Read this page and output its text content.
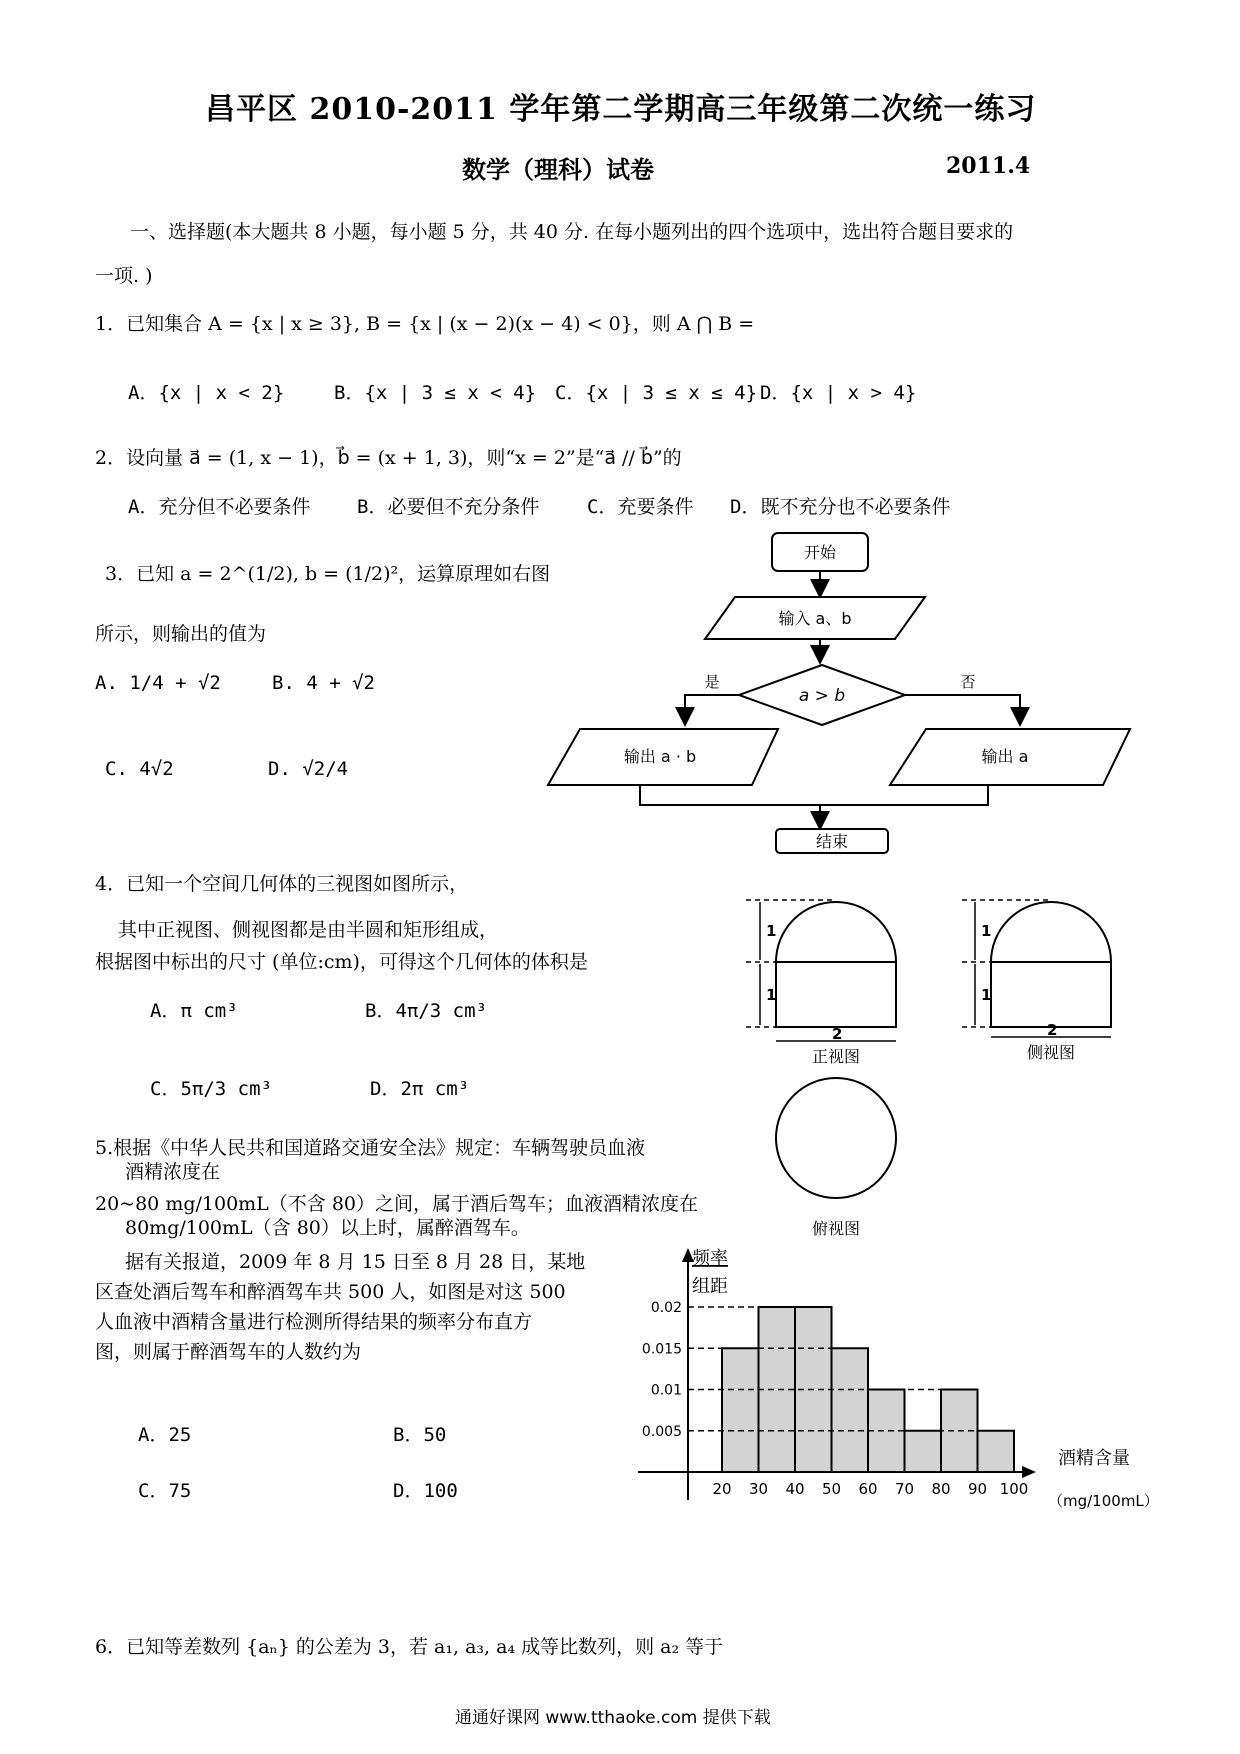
昌平区 2010-2011 学年第二学期高三年级第二次统一练习
数学（理科）试卷	2011.4
一、选择题(本大题共 8 小题，每小题 5 分，共 40 分. 在每小题列出的四个选项中，选出符合题目要求的
一项. )
1．已知集合 A = {x | x ≥ 3}, B = {x | (x − 2)(x − 4) < 0}，则 A ⋂ B =
A．{x | x < 2}	B．{x | 3 ≤ x < 4} C．{x | 3 ≤ x ≤ 4} D．{x | x > 4}
2．设向量 a⃗ = (1, x − 1)，b⃗ = (x + 1, 3)，则“x = 2”是“a⃗ // b⃗”的
A．充分但不必要条件 B．必要但不充分条件	C．充要条件 D．既不充分也不必要条件
3．已知 a = 2^(1/2), b = (1/2)²，运算原理如右图
所示，则输出的值为
A. 1/4 + √2	B. 4 + √2
C. 4√2	D. √2/4
开始
输入 a、b
a > b
是	否
输出 a · b	输出 a
结束
4．已知一个空间几何体的三视图如图所示，
其中正视图、侧视图都是由半圆和矩形组成，
根据图中标出的尺寸 (单位:cm)，可得这个几何体的体积是
A．π cm³	B．4π/3 cm³
C．5π/3 cm³	D．2π cm³
1
1
2
正视图
1
1
2
侧视图
俯视图
5.根据《中华人民共和国道路交通安全法》规定：车辆驾驶员血液
酒精浓度在
20~80 mg/100mL（不含 80）之间，属于酒后驾车；血液酒精浓度在
80mg/100mL（含 80）以上时，属醉酒驾车。
据有关报道，2009 年 8 月 15 日至 8 月 28 日，某地
区查处酒后驾车和醉酒驾车共 500 人，如图是对这 500
人血液中酒精含量进行检测所得结果的频率分布直方
图，则属于醉酒驾车的人数约为
A．25	B．50
C．75	D．100
频率
组距
酒精含量
（mg/100mL）
0.02
0.015
0.01
0.005
20 30 40 50 60 70 80 90 100
6．已知等差数列 {aₙ} 的公差为 3，若 a₁, a₃, a₄ 成等比数列，则 a₂ 等于
通通好课网 www.tthaoke.com 提供下载
